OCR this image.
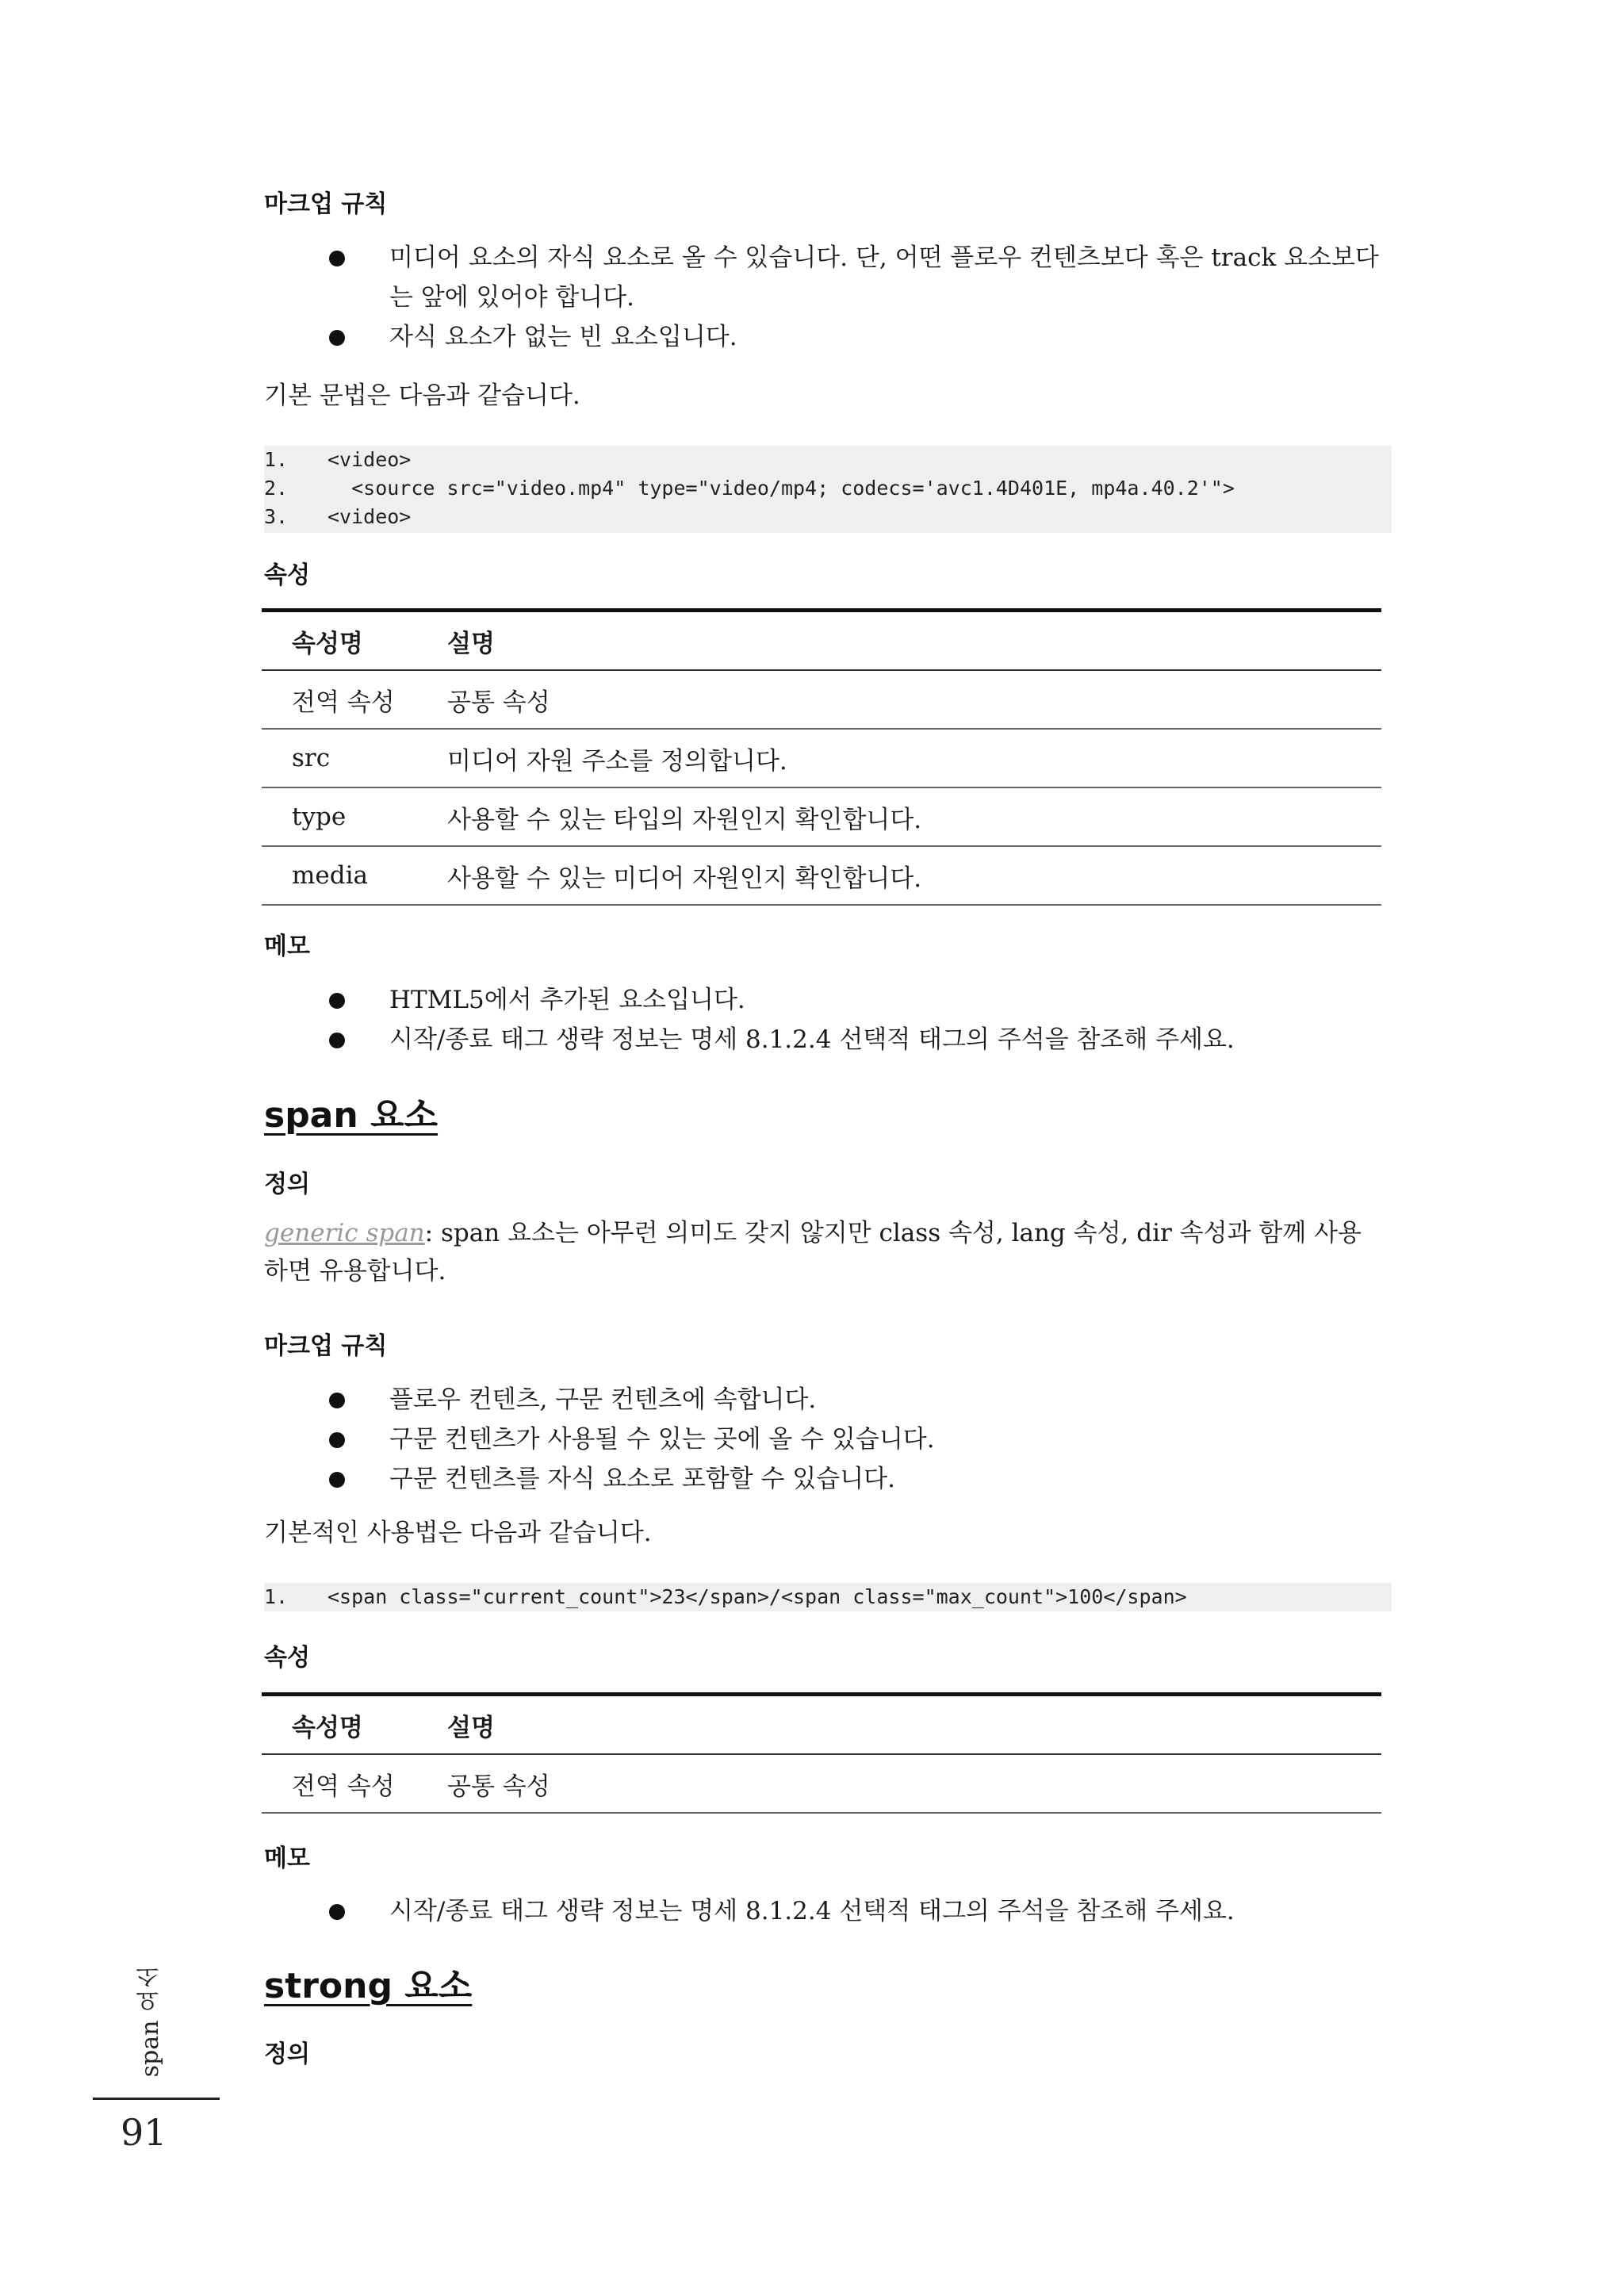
마크업 규칙
미디어 요소의 자식 요소로 올 수 있습니다. 단, 어떤 플로우 컨텐츠보다 혹은 track 요소보다는 앞에 있어야 합니다.
자식 요소가 없는 빈 요소입니다.
기본 문법은 다음과 같습니다.
1.	<video>
2.	<source src="video.mp4" type="video/mp4; codecs='avc1.4D401E, mp4a.40.2'">
3.	<video>
속성
속성명	설명
전역 속성	공통 속성
src	미디어 자원 주소를 정의합니다.
type	사용할 수 있는 타입의 자원인지 확인합니다.
media	사용할 수 있는 미디어 자원인지 확인합니다.
메모
HTML5에서 추가된 요소입니다.
시작/종료 태그 생략 정보는 명세 8.1.2.4 선택적 태그의 주석을 참조해 주세요.
span 요소
정의
generic span: span 요소는 아무런 의미도 갖지 않지만 class 속성, lang 속성, dir 속성과 함께 사용하면 유용합니다.
마크업 규칙
플로우 컨텐츠, 구문 컨텐츠에 속합니다.
구문 컨텐츠가 사용될 수 있는 곳에 올 수 있습니다.
구문 컨텐츠를 자식 요소로 포함할 수 있습니다.
기본적인 사용법은 다음과 같습니다.
1.	<span class="current_count">23</span>/<span class="max_count">100</span>
속성
속성명	설명
전역 속성	공통 속성
메모
시작/종료 태그 생략 정보는 명세 8.1.2.4 선택적 태그의 주석을 참조해 주세요.
strong 요소
정의
span 요소
91
